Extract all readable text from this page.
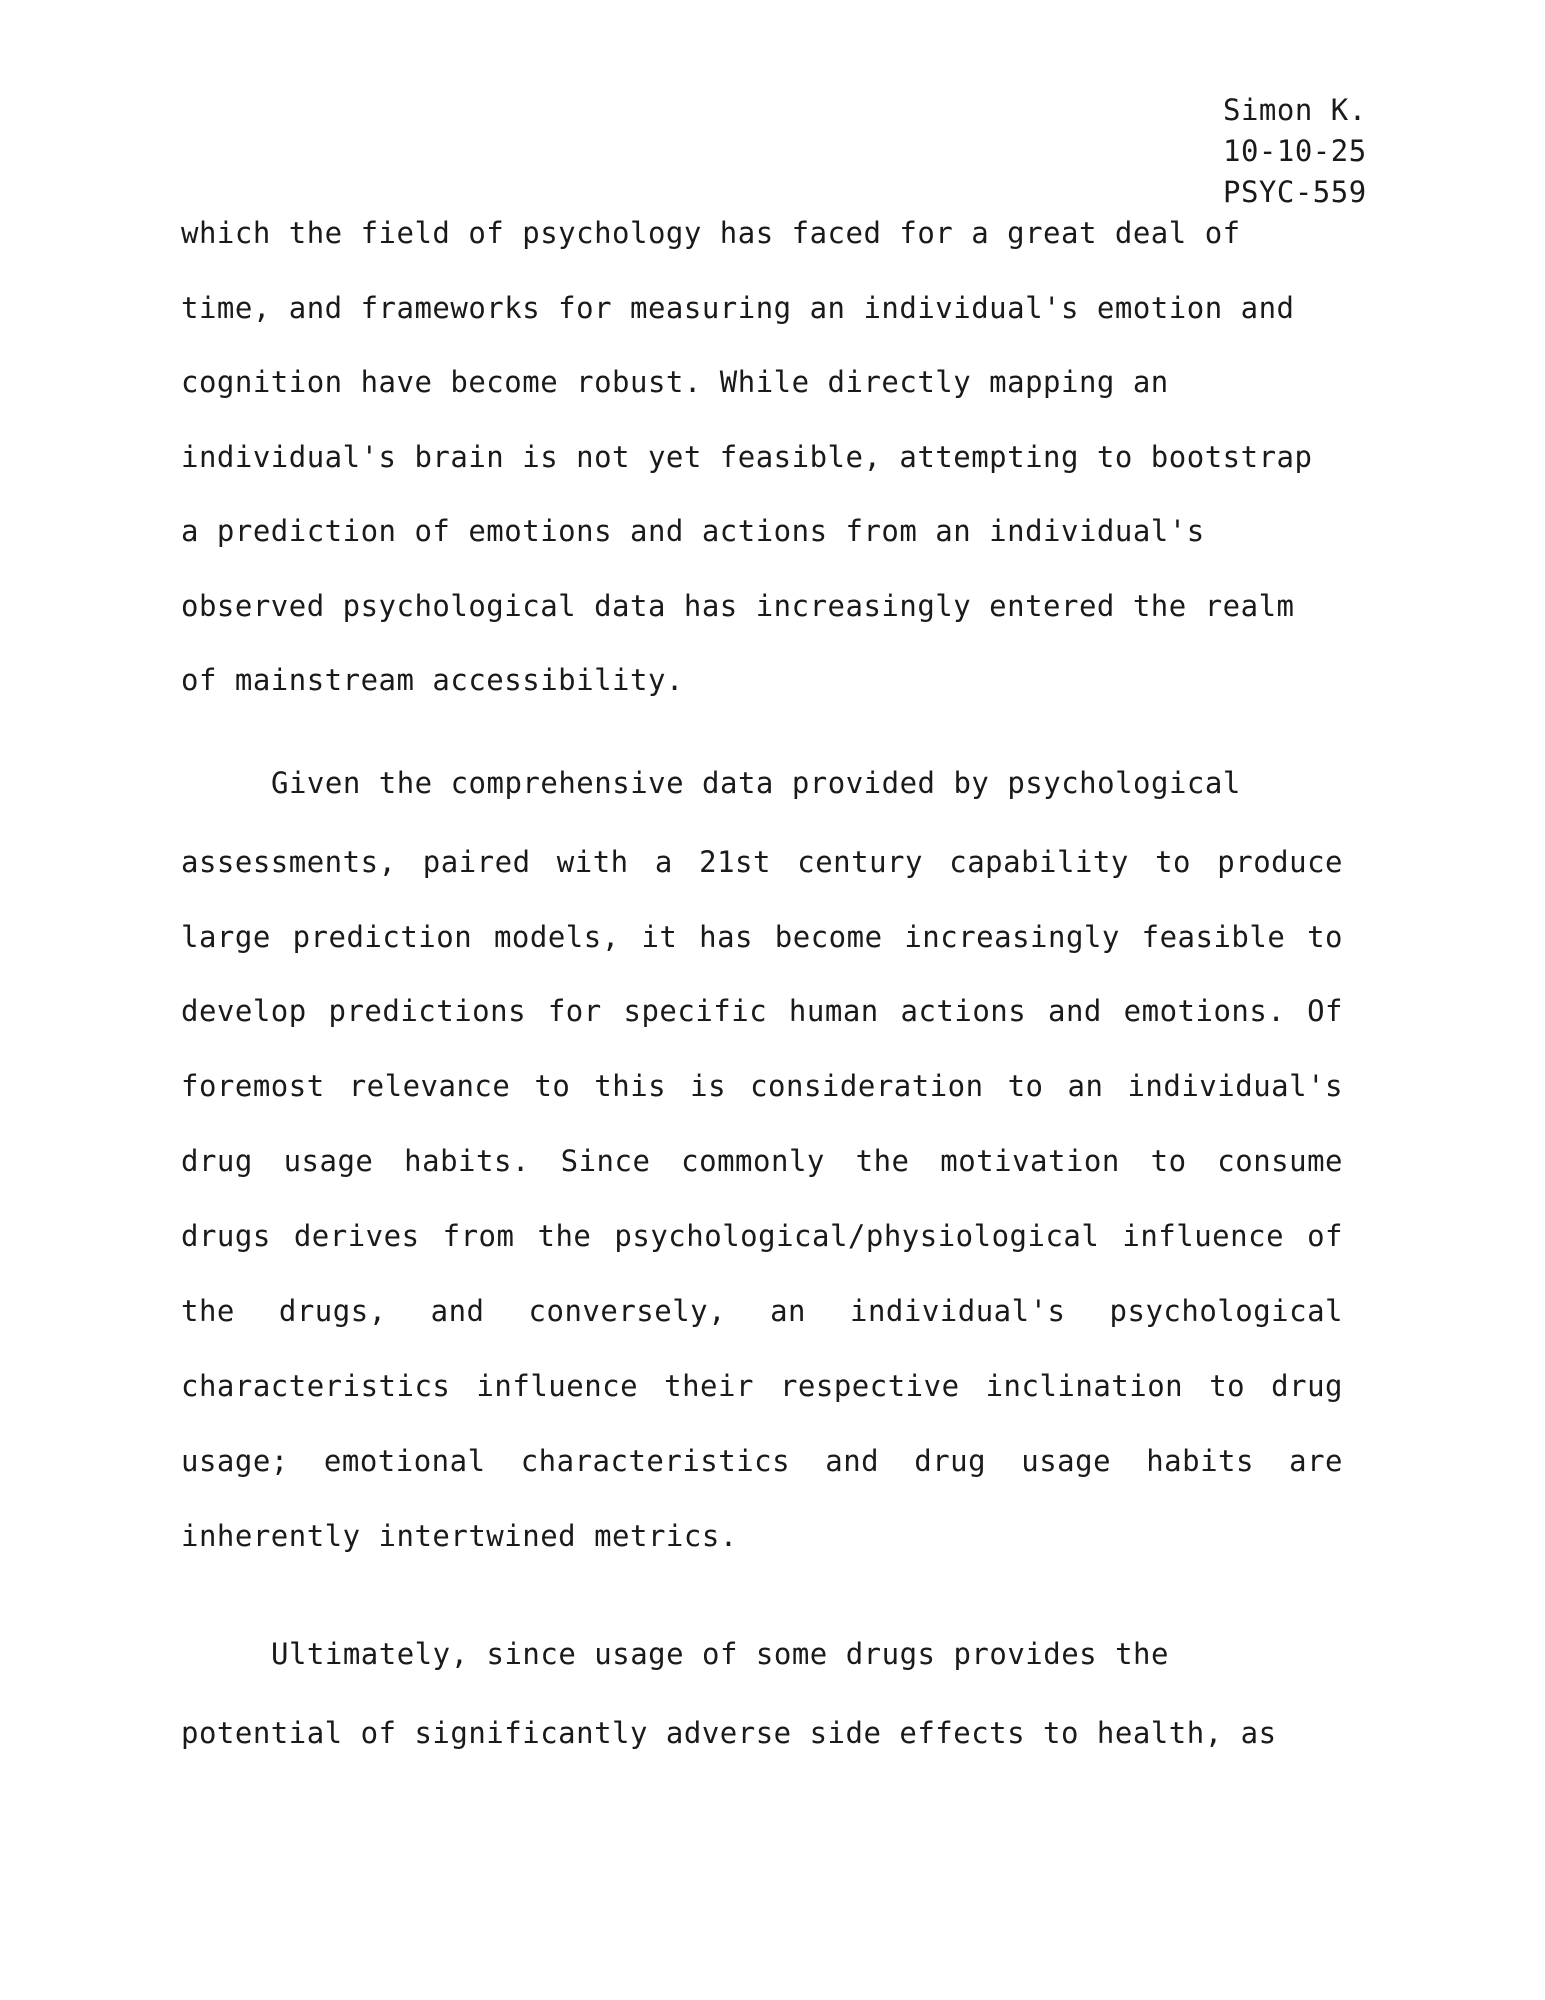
Simon K.
10-10-25
PSYC-559
which the field of psychology has faced for a great deal of
time, and frameworks for measuring an individual's emotion and
cognition have become robust. While directly mapping an
individual's brain is not yet feasible, attempting to bootstrap
a prediction of emotions and actions from an individual's
observed psychological data has increasingly entered the realm
of mainstream accessibility.
Given the comprehensive data provided by psychological
assessments, paired with a 21st century capability to produce
large prediction models, it has become increasingly feasible to
develop predictions for specific human actions and emotions. Of
foremost relevance to this is consideration to an individual's
drug usage habits. Since commonly the motivation to consume
drugs derives from the psychological/physiological influence of
the drugs, and conversely, an individual's psychological
characteristics influence their respective inclination to drug
usage; emotional characteristics and drug usage habits are
inherently intertwined metrics.
Ultimately, since usage of some drugs provides the
potential of significantly adverse side effects to health, as
